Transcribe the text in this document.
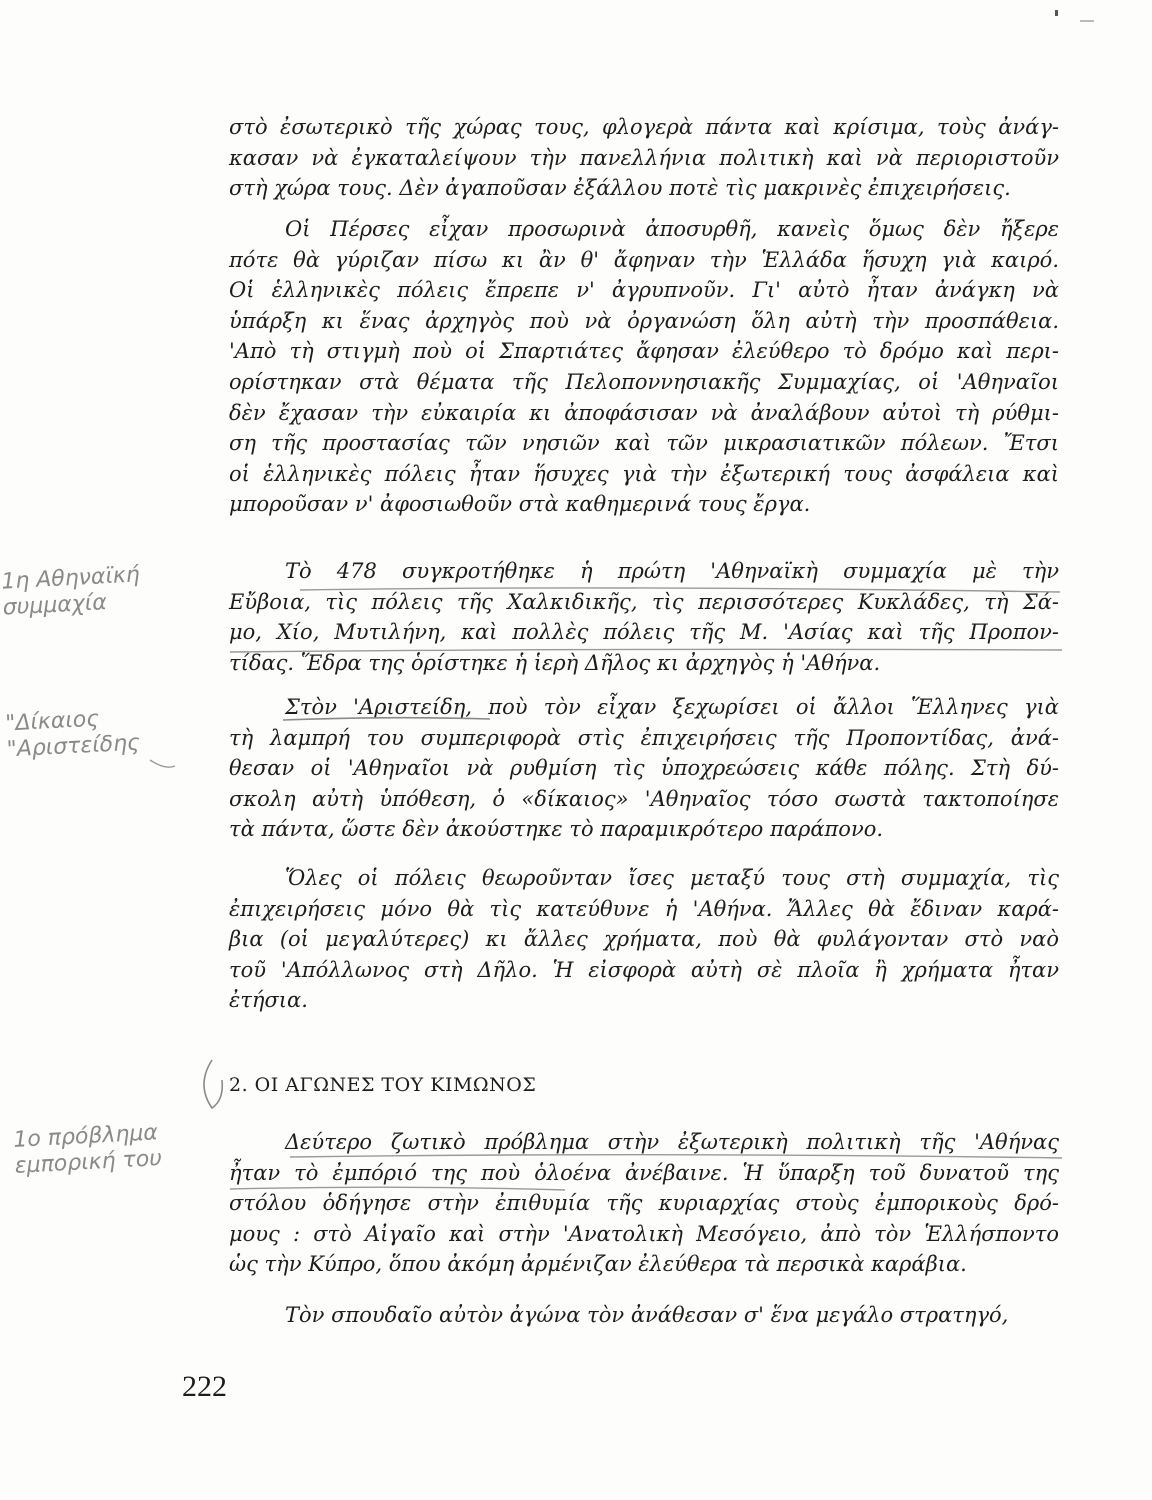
στὸ ἐσωτερικὸ τῆς χώρας τους, φλογερὰ πάντα καὶ κρίσιμα, τοὺς ἀνάγ-
κασαν νὰ ἐγκαταλείψουν τὴν πανελλήνια πολιτικὴ καὶ νὰ περιοριστοῦν
στὴ χώρα τους. Δὲν ἀγαποῦσαν ἐξάλλου ποτὲ τὶς μακρινὲς ἐπιχειρήσεις.
Οἱ Πέρσες εἶχαν προσωρινὰ ἀποσυρθῆ, κανεὶς ὅμως δὲν ἤξερε
πότε θὰ γύριζαν πίσω κι ἂν θ' ἄφηναν τὴν Ἑλλάδα ἥσυχη γιὰ καιρό.
Οἱ ἑλληνικὲς πόλεις ἔπρεπε ν' ἀγρυπνοῦν. Γι' αὐτὸ ἦταν ἀνάγκη νὰ
ὑπάρξη κι ἕνας ἀρχηγὸς ποὺ νὰ ὀργανώση ὅλη αὐτὴ τὴν προσπάθεια.
'Απὸ τὴ στιγμὴ ποὺ οἱ Σπαρτιάτες ἄφησαν ἐλεύθερο τὸ δρόμο καὶ περι-
ορίστηκαν στὰ θέματα τῆς Πελοποννησιακῆς Συμμαχίας, οἱ 'Αθηναῖοι
δὲν ἔχασαν τὴν εὐκαιρία κι ἀποφάσισαν νὰ ἀναλάβουν αὐτοὶ τὴ ρύθμι-
ση τῆς προστασίας τῶν νησιῶν καὶ τῶν μικρασιατικῶν πόλεων. Ἔτσι
οἱ ἑλληνικὲς πόλεις ἦταν ἥσυχες γιὰ τὴν ἐξωτερική τους ἀσφάλεια καὶ
μποροῦσαν ν' ἀφοσιωθοῦν στὰ καθημερινά τους ἔργα.
Τὸ 478 συγκροτήθηκε ἡ πρώτη 'Αθηναϊκὴ συμμαχία μὲ τὴν
Εὔβοια, τὶς πόλεις τῆς Χαλκιδικῆς, τὶς περισσότερες Κυκλάδες, τὴ Σά-
μο, Χίο, Μυτιλήνη, καὶ πολλὲς πόλεις τῆς Μ. 'Ασίας καὶ τῆς Προπον-
τίδας. Ἕδρα της ὁρίστηκε ἡ ἱερὴ Δῆλος κι ἀρχηγὸς ἡ 'Αθήνα.
Στὸν 'Αριστείδη, ποὺ τὸν εἶχαν ξεχωρίσει οἱ ἄλλοι Ἕλληνες γιὰ
τὴ λαμπρή του συμπεριφορὰ στὶς ἐπιχειρήσεις τῆς Προποντίδας, ἀνά-
θεσαν οἱ 'Αθηναῖοι νὰ ρυθμίση τὶς ὑποχρεώσεις κάθε πόλης. Στὴ δύ-
σκολη αὐτὴ ὑπόθεση, ὁ «δίκαιος» 'Αθηναῖος τόσο σωστὰ τακτοποίησε
τὰ πάντα, ὥστε δὲν ἀκούστηκε τὸ παραμικρότερο παράπονο.
Ὅλες οἱ πόλεις θεωροῦνταν ἴσες μεταξύ τους στὴ συμμαχία, τὶς
ἐπιχειρήσεις μόνο θὰ τὶς κατεύθυνε ἡ 'Αθήνα. Ἄλλες θὰ ἔδιναν καρά-
βια (οἱ μεγαλύτερες) κι ἄλλες χρήματα, ποὺ θὰ φυλάγονταν στὸ ναὸ
τοῦ 'Απόλλωνος στὴ Δῆλο. Ἡ εἰσφορὰ αὐτὴ σὲ πλοῖα ἢ χρήματα ἦταν
ἐτήσια.
2. ΟΙ ΑΓΩΝΕΣ ΤΟΥ ΚΙΜΩΝΟΣ
Δεύτερο ζωτικὸ πρόβλημα στὴν ἐξωτερικὴ πολιτικὴ τῆς 'Αθήνας
ἦταν τὸ ἐμπόριό της ποὺ ὁλοένα ἀνέβαινε. Ἡ ὕπαρξη τοῦ δυνατοῦ της
στόλου ὁδήγησε στὴν ἐπιθυμία τῆς κυριαρχίας στοὺς ἐμπορικοὺς δρό-
μους : στὸ Αἰγαῖο καὶ στὴν 'Ανατολικὴ Μεσόγειο, ἀπὸ τὸν Ἑλλήσποντο
ὡς τὴν Κύπρο, ὅπου ἀκόμη ἀρμένιζαν ἐλεύθερα τὰ περσικὰ καράβια.
Τὸν σπουδαῖο αὐτὸν ἀγώνα τὸν ἀνάθεσαν σ' ἕνα μεγάλο στρατηγό,
222
1η Αθηναϊκή
συμμαχία
"Δίκαιος
"Αριστείδης
1ο πρόβλημα
εμπορική του
